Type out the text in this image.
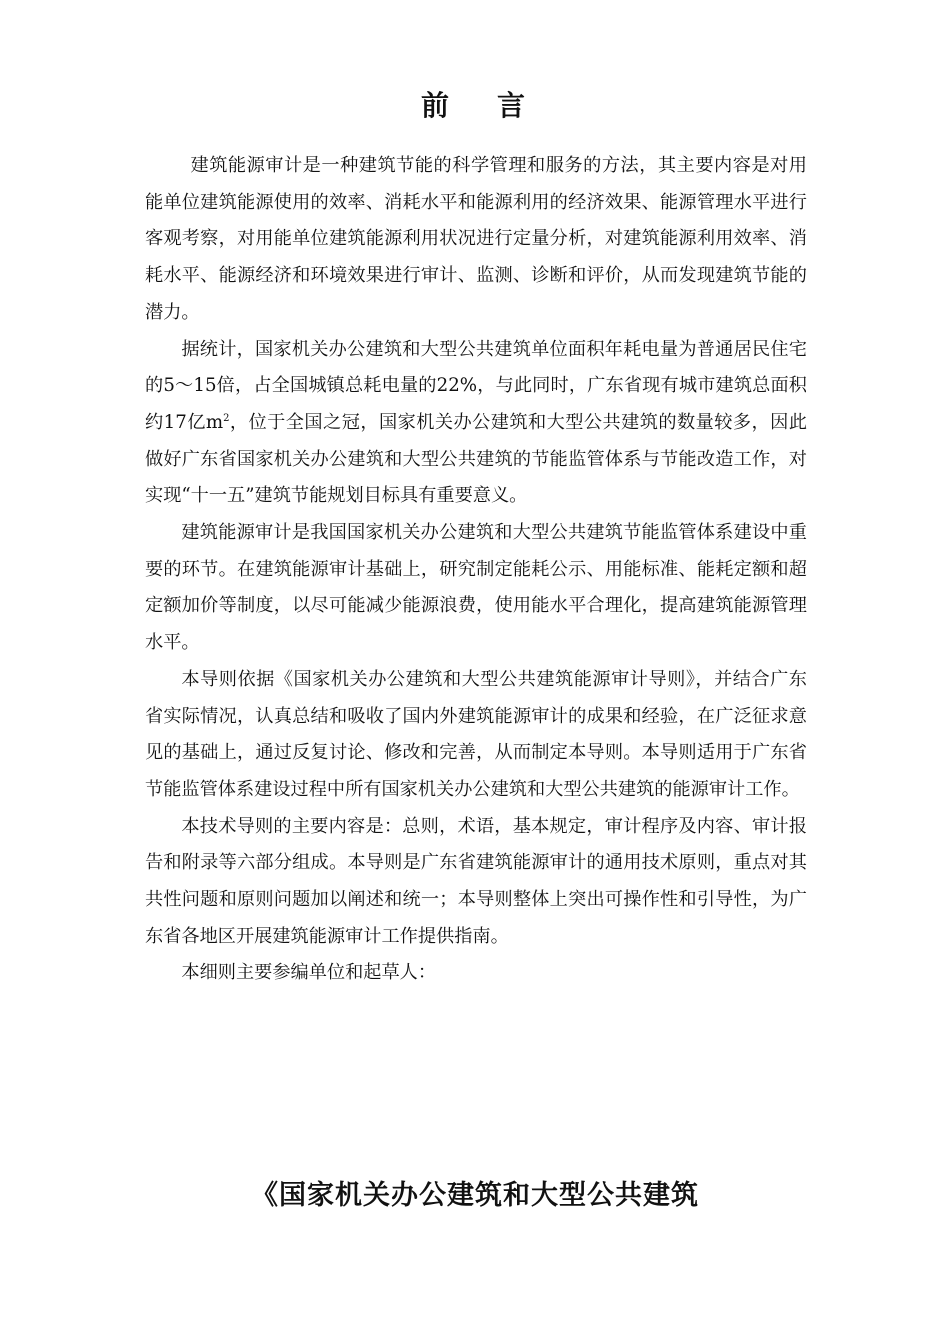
前 言

建筑能源审计是一种建筑节能的科学管理和服务的方法，其主要内容是对用能单位建筑能源使用的效率、消耗水平和能源利用的经济效果、能源管理水平进行客观考察，对用能单位建筑能源利用状况进行定量分析，对建筑能源利用效率、消耗水平、能源经济和环境效果进行审计、监测、诊断和评价，从而发现建筑节能的潜力。

据统计，国家机关办公建筑和大型公共建筑单位面积年耗电量为普通居民住宅的5～15倍，占全国城镇总耗电量的22%，与此同时，广东省现有城市建筑总面积约17亿$m^2$，位于全国之冠，国家机关办公建筑和大型公共建筑的数量较多，因此做好广东省国家机关办公建筑和大型公共建筑的节能监管体系与节能改造工作，对实现“十一五”建筑节能规划目标具有重要意义。

建筑能源审计是我国国家机关办公建筑和大型公共建筑节能监管体系建设中重要的环节。在建筑能源审计基础上，研究制定能耗公示、用能标准、能耗定额和超定额加价等制度，以尽可能减少能源浪费，使用能水平合理化，提高建筑能源管理水平。

本导则依据《国家机关办公建筑和大型公共建筑能源审计导则》，并结合广东省实际情况，认真总结和吸收了国内外建筑能源审计的成果和经验，在广泛征求意见的基础上，通过反复讨论、修改和完善，从而制定本导则。本导则适用于广东省节能监管体系建设过程中所有国家机关办公建筑和大型公共建筑的能源审计工作。

本技术导则的主要内容是：总则，术语，基本规定，审计程序及内容、审计报告和附录等六部分组成。本导则是广东省建筑能源审计的通用技术原则，重点对其共性问题和原则问题加以阐述和统一；本导则整体上突出可操作性和引导性，为广东省各地区开展建筑能源审计工作提供指南。

本细则主要参编单位和起草人：

《国家机关办公建筑和大型公共建筑
